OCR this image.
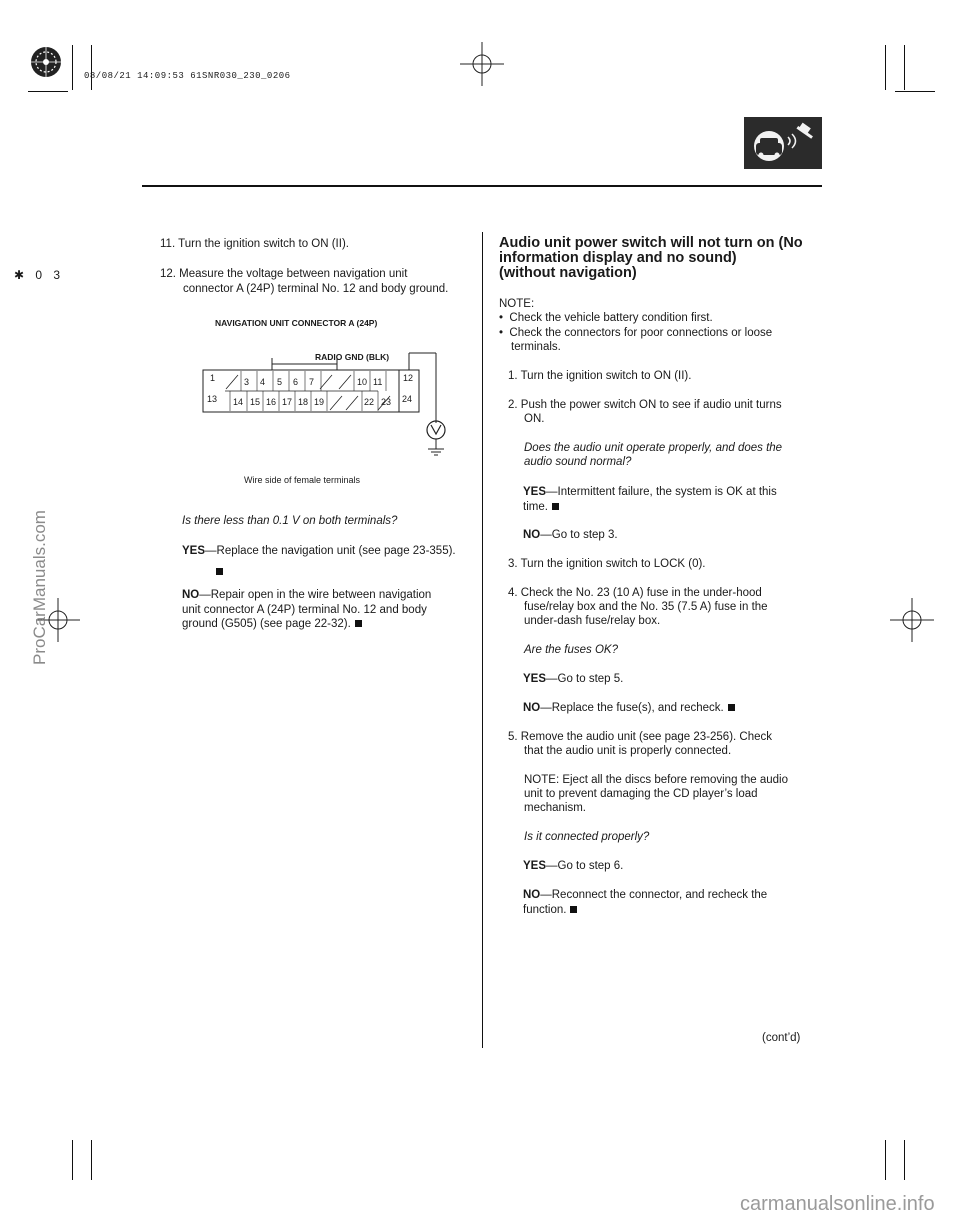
08/08/21 14:09:53 61SNR030_230_0206
✱ 0 3
ProCarManuals.com
carmanualsonline.info
11. Turn the ignition switch to ON (II).
12. Measure the voltage between navigation unit
connector A (24P) terminal No. 12 and body ground.
NAVIGATION UNIT CONNECTOR A (24P)
RADIO GND (BLK)
1	3 4 5 6 7	10 11 12
13 14 15 16 17 18 19	22 23 24
Wire side of female terminals
Is there less than 0.1 V on both terminals?
YES—Replace the navigation unit (see page 23-355).
NO—Repair open in the wire between navigation
unit connector A (24P) terminal No. 12 and body
ground (G505) (see page 22-32).
Audio unit power switch will not turn on (No
information display and no sound)
(without navigation)
NOTE:
•  Check the vehicle battery condition first.
•  Check the connectors for poor connections or loose
terminals.
1. Turn the ignition switch to ON (II).
2. Push the power switch ON to see if audio unit turns
ON.
Does the audio unit operate properly, and does the
audio sound normal?
YES—Intermittent failure, the system is OK at this
time.
NO—Go to step 3.
3. Turn the ignition switch to LOCK (0).
4. Check the No. 23 (10 A) fuse in the under-hood
fuse/relay box and the No. 35 (7.5 A) fuse in the
under-dash fuse/relay box.
Are the fuses OK?
YES—Go to step 5.
NO—Replace the fuse(s), and recheck.
5. Remove the audio unit (see page 23-256). Check
that the audio unit is properly connected.
NOTE: Eject all the discs before removing the audio
unit to prevent damaging the CD player’s load
mechanism.
Is it connected properly?
YES—Go to step 6.
NO—Reconnect the connector, and recheck the
function.
(cont’d)
